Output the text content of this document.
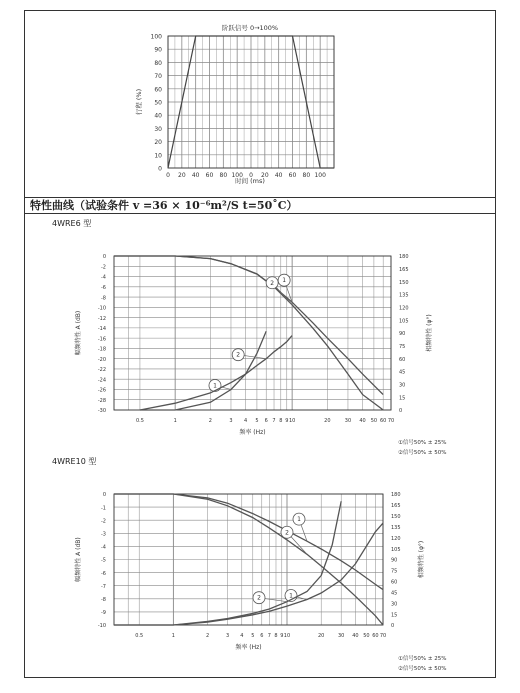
特性曲线（试验条件 v =36 × 10⁻⁶m²/S t=50˚C）
4WRE6 型
4WRE10 型
0
10
20
30
40
50
60
70
80
90
100
0 20 40 60 80 100 0 20 40 60 80 100
阶跃信号 0→100%
时间 (ms)
行程 (%)
0
-2
-4
-6
-8
-10
-12
-14
-16
-18
-20
-22
-24
-26
-28
-30
180
165
150
135
120
105
90
75
60
45
30
15
0
0.5	1	2	3 4 5 6 7 8 9 10	20	30 40 50 60 70
1
2
1
2
频率 (Hz)
幅频特性 A (dB)	相频特性 (φ°)
①信号50% ± 25%
②信号50% ± 50%
0
-1
-2
-3
-4
-5
-6
-7
-8
-9
-10
180
165
150
135
120
105
90
75
60
45
30
15
0
0.5	1	2	3 4 5 6 7 8 9 10	20	30 40 50 60 70
1
2
1
2
频率 (Hz)
幅频特性 A (dB)	相频特性 (φ°)
①信号50% ± 25%
②信号50% ± 50%
